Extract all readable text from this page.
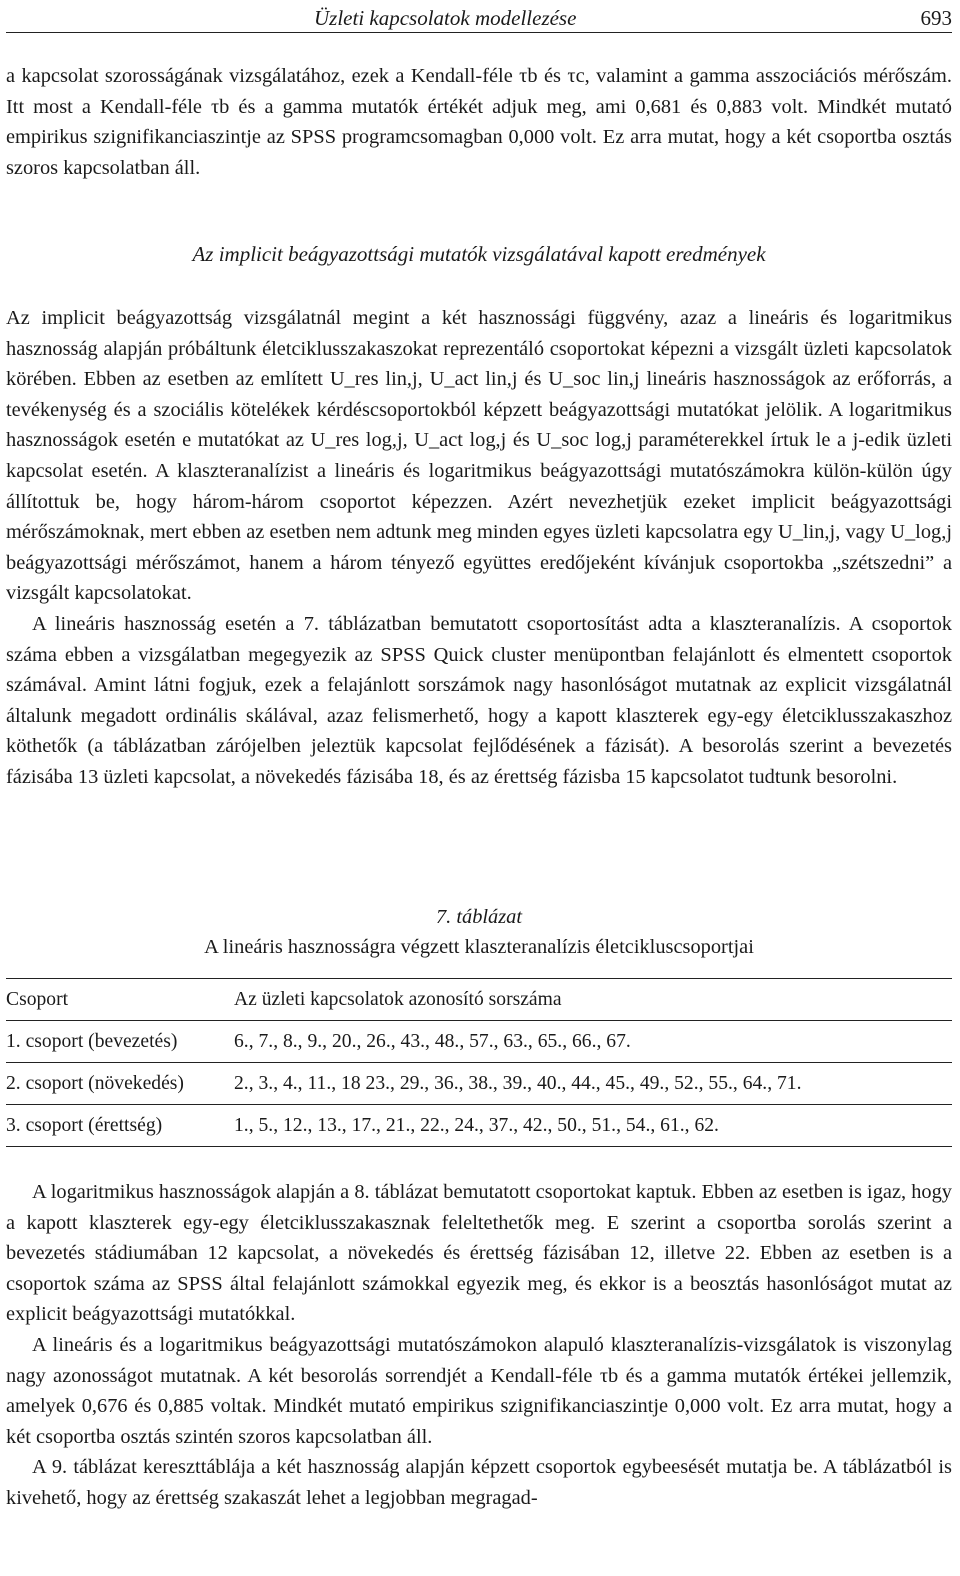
Üzleti kapcsolatok modellezése	693

a kapcsolat szorosságának vizsgálatához, ezek a Kendall-féle τb és τc, valamint a gamma asszociációs mérőszám. Itt most a Kendall-féle τb és a gamma mutatók értékét adjuk meg, ami 0,681 és 0,883 volt. Mindkét mutató empirikus szignifikanciaszintje az SPSS programcsomagban 0,000 volt. Ez arra mutat, hogy a két csoportba osztás szoros kapcsolatban áll.

Az implicit beágyazottsági mutatók vizsgálatával kapott eredmények

Az implicit beágyazottság vizsgálatnál megint a két hasznossági függvény, azaz a lineáris és logaritmikus hasznosság alapján próbáltunk életciklusszakaszokat reprezentáló csoportokat képezni a vizsgált üzleti kapcsolatok körében. Ebben az esetben az említett U_res lin,j, U_act lin,j és U_soc lin,j lineáris hasznosságok az erőforrás, a tevékenység és a szociális kötelékek kérdéscsoportokból képzett beágyazottsági mutatókat jelölik. A logaritmikus hasznosságok esetén e mutatókat az U_res log,j, U_act log,j és U_soc log,j paraméterekkel írtuk le a j-edik üzleti kapcsolat esetén. A klaszteranalízist a lineáris és logaritmikus beágyazottsági mutatószámokra külön-külön úgy állítottuk be, hogy három-három csoportot képezzen. Azért nevezhetjük ezeket implicit beágyazottsági mérőszámoknak, mert ebben az esetben nem adtunk meg minden egyes üzleti kapcsolatra egy U_lin,j, vagy U_log,j beágyazottsági mérőszámot, hanem a három tényező együttes eredőjeként kívánjuk csoportokba „szétszedni” a vizsgált kapcsolatokat.

A lineáris hasznosság esetén a 7. táblázatban bemutatott csoportosítást adta a klaszteranalízis. A csoportok száma ebben a vizsgálatban megegyezik az SPSS Quick cluster menüpontban felajánlott és elmentett csoportok számával. Amint látni fogjuk, ezek a felajánlott sorszámok nagy hasonlóságot mutatnak az explicit vizsgálatnál általunk megadott ordinális skálával, azaz felismerhető, hogy a kapott klaszterek egy-egy életciklusszakaszhoz köthetők (a táblázatban zárójelben jeleztük kapcsolat fejlődésének a fázisát). A besorolás szerint a bevezetés fázisába 13 üzleti kapcsolat, a növekedés fázisába 18, és az érettség fázisba 15 kapcsolatot tudtunk besorolni.

7. táblázat
A lineáris hasznosságra végzett klaszteranalízis életcikluscsoportjai
Csoport	Az üzleti kapcsolatok azonosító sorszáma
1. csoport (bevezetés)	6., 7., 8., 9., 20., 26., 43., 48., 57., 63., 65., 66., 67.
2. csoport (növekedés)	2., 3., 4., 11., 18 23., 29., 36., 38., 39., 40., 44., 45., 49., 52., 55., 64., 71.
3. csoport (érettség)	1., 5., 12., 13., 17., 21., 22., 24., 37., 42., 50., 51., 54., 61., 62.

A logaritmikus hasznosságok alapján a 8. táblázat bemutatott csoportokat kaptuk. Ebben az esetben is igaz, hogy a kapott klaszterek egy-egy életciklusszakasznak feleltethetők meg. E szerint a csoportba sorolás szerint a bevezetés stádiumában 12 kapcsolat, a növekedés és érettség fázisában 12, illetve 22. Ebben az esetben is a csoportok száma az SPSS által felajánlott számokkal egyezik meg, és ekkor is a beosztás hasonlóságot mutat az explicit beágyazottsági mutatókkal.

A lineáris és a logaritmikus beágyazottsági mutatószámokon alapuló klaszteranalízis-vizsgálatok is viszonylag nagy azonosságot mutatnak. A két besorolás sorrendjét a Kendall-féle τb és a gamma mutatók értékei jellemzik, amelyek 0,676 és 0,885 voltak. Mindkét mutató empirikus szignifikanciaszintje 0,000 volt. Ez arra mutat, hogy a két csoportba osztás szintén szoros kapcsolatban áll.

A 9. táblázat kereszttáblája a két hasznosság alapján képzett csoportok egybeesését mutatja be. A táblázatból is kivehető, hogy az érettség szakaszát lehet a legjobban megragad-
